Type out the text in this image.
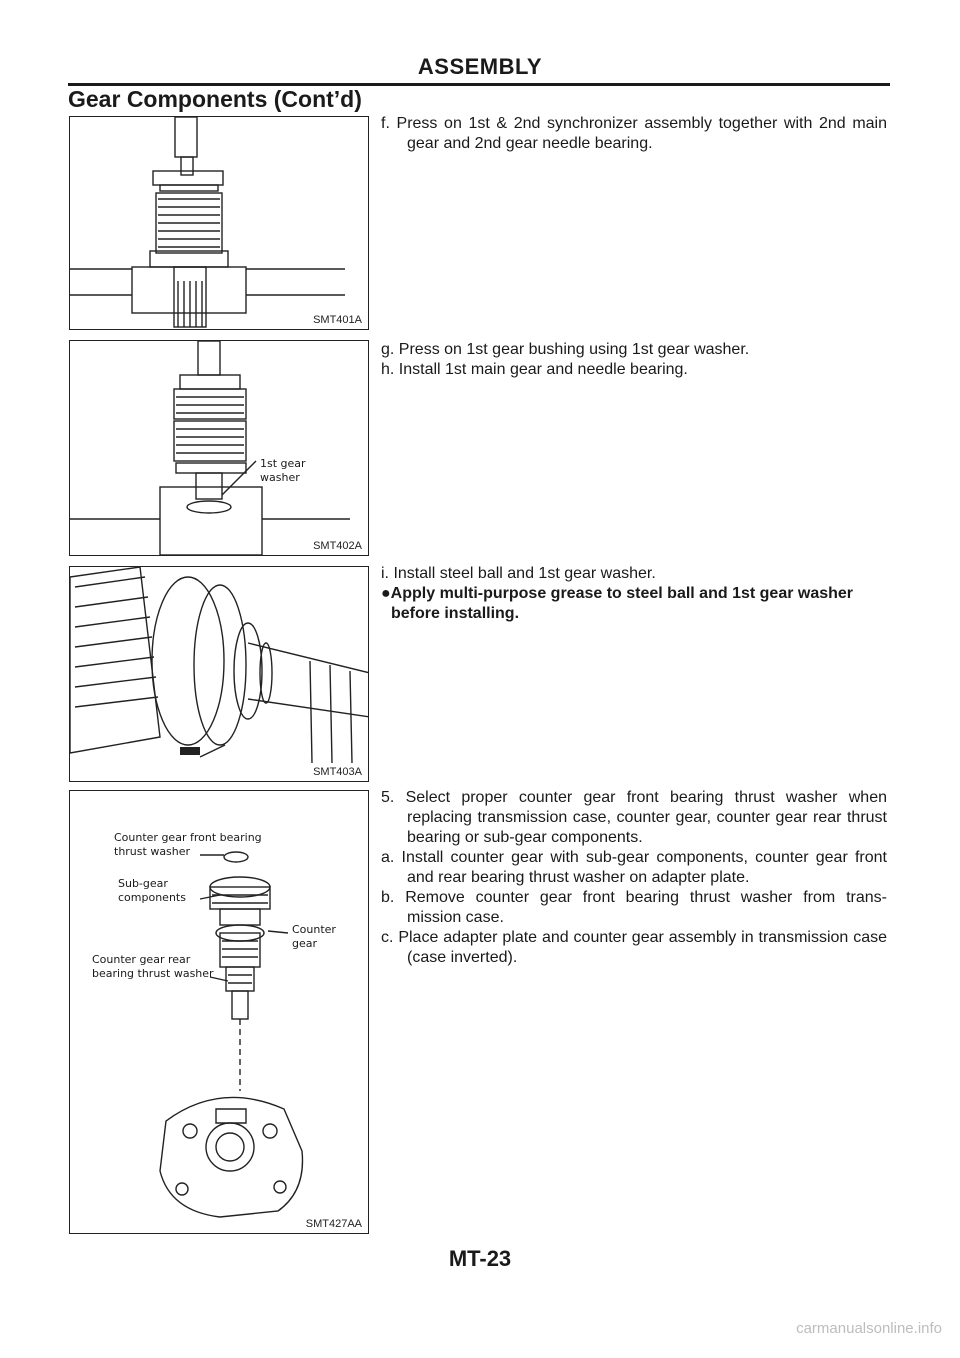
ASSEMBLY
Gear Components (Cont’d)
SMT401A
1st gear
washer
SMT402A
SMT403A
Counter gear front bearing
thrust washer
Sub-gear
components
Counter
gear
Counter gear rear
bearing thrust washer
SMT427AA

f. Press on 1st & 2nd synchronizer assembly together with 2nd main gear and 2nd gear needle bearing.

g. Press on 1st gear bushing using 1st gear washer.

h. Install 1st main gear and needle bearing.

i. Install steel ball and 1st gear washer.

●Apply multi-purpose grease to steel ball and 1st gear washer before installing.

5. Select proper counter gear front bearing thrust washer when replacing transmission case, counter gear, counter gear rear thrust bearing or sub-gear components.

a. Install counter gear with sub-gear components, counter gear front and rear bearing thrust washer on adapter plate.

b. Remove counter gear front bearing thrust washer from trans- mission case.

c. Place adapter plate and counter gear assembly in transmission case (case inverted).

MT-23
carmanualsonline.info
